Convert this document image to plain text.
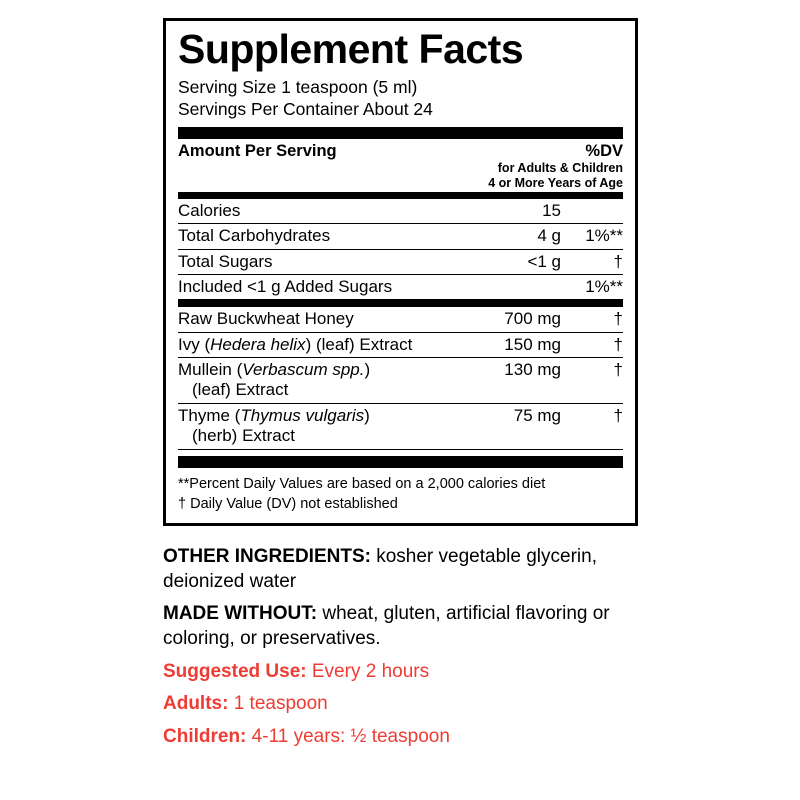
Supplement Facts
Serving Size 1 teaspoon (5 ml)
Servings Per Container About 24
Amount Per Serving	%DV
for Adults & Children
4 or More Years of Age
Calories	15	
Total Carbohydrates	4 g	1%**
Total Sugars	<1 g	†
Included <1 g Added Sugars		1%**
Raw Buckwheat Honey	700 mg	†
Ivy (Hedera helix) (leaf) Extract	150 mg	†
Mullein (Verbascum spp.)
(leaf) Extract	130 mg	†
Thyme (Thymus vulgaris)
(herb) Extract	75 mg	†
**Percent Daily Values are based on a 2,000 calories diet
† Daily Value (DV) not established

OTHER INGREDIENTS: kosher vegetable glycerin, deionized water

MADE WITHOUT: wheat, gluten, artificial flavoring or coloring, or preservatives.

Suggested Use: Every 2 hours

Adults: 1 teaspoon

Children: 4-11 years: ½ teaspoon
